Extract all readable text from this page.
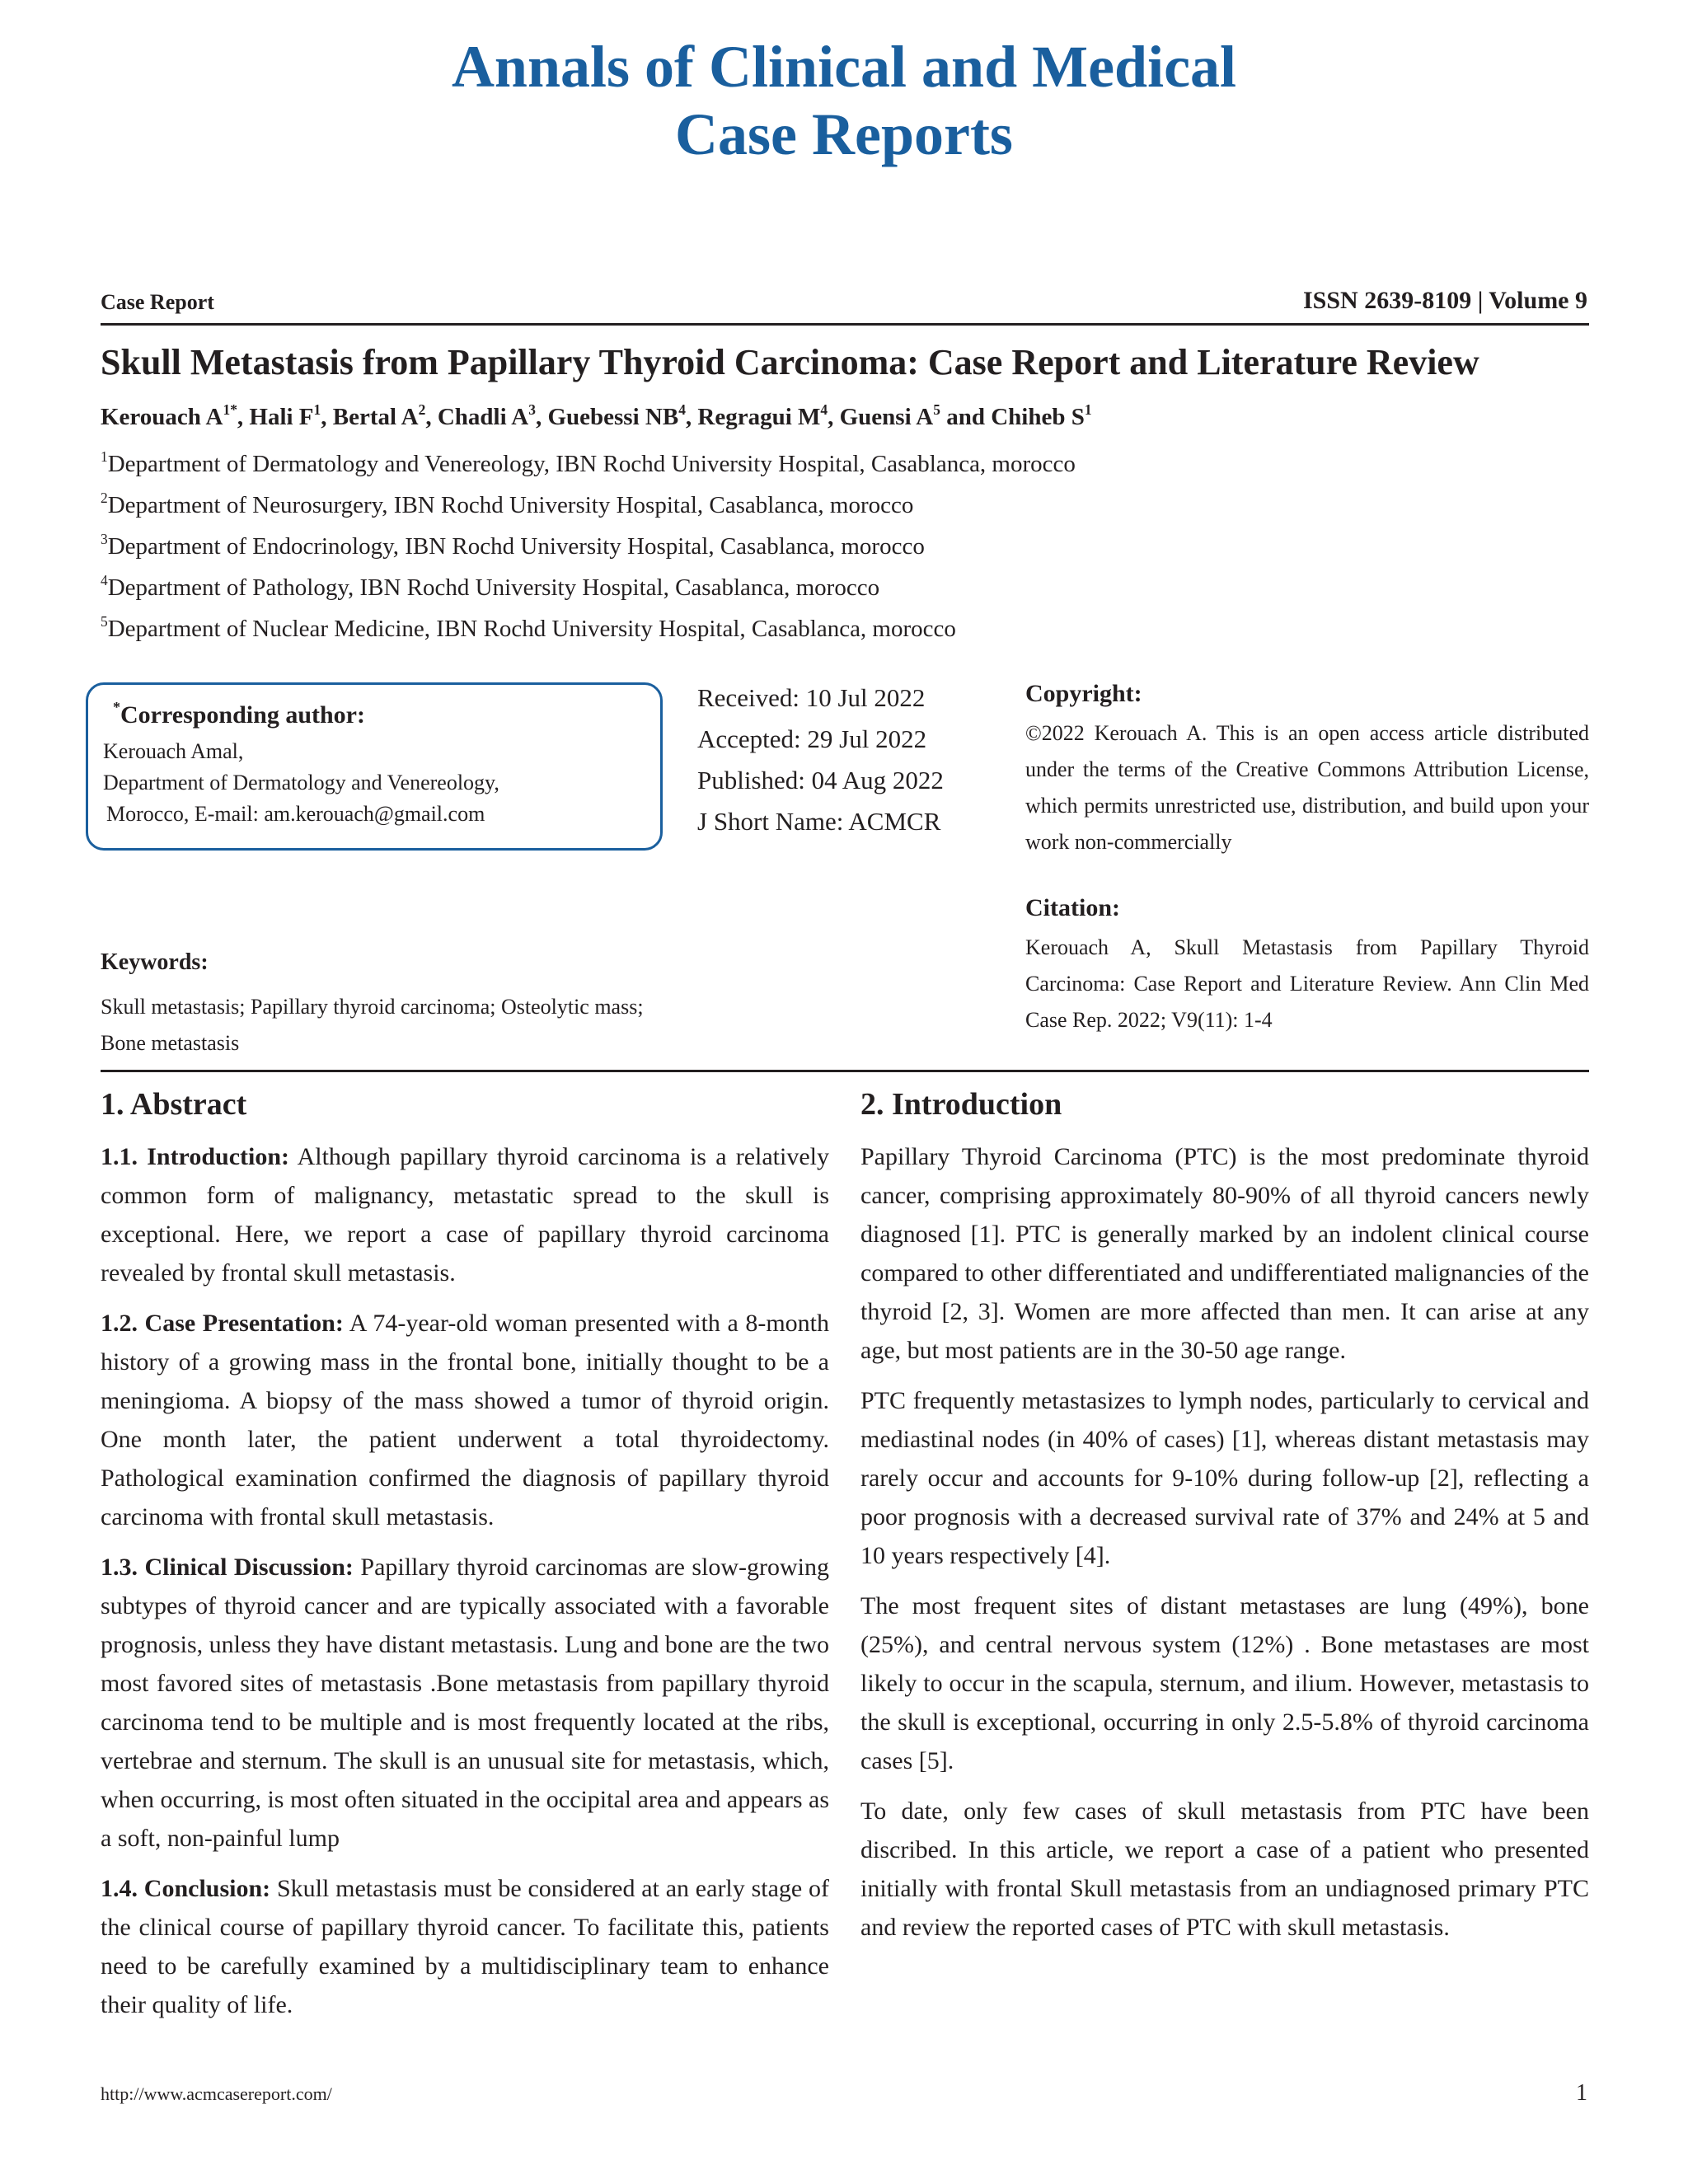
Annals of Clinical and Medical
Case Reports
Case Report	ISSN 2639-8109 | Volume 9
Skull Metastasis from Papillary Thyroid Carcinoma: Case Report and Literature Review
Kerouach $A^{1*}$, Hali $F^1$, Bertal $A^2$, Chadli $A^3$, Guebessi $NB^4$, Regragui $M^4$, Guensi $A^5$ and Chiheb $S^1$
$^1$Department of Dermatology and Venereology, IBN Rochd University Hospital, Casablanca, morocco
$^2$Department of Neurosurgery, IBN Rochd University Hospital, Casablanca, morocco
$^3$Department of Endocrinology, IBN Rochd University Hospital, Casablanca, morocco
$^4$Department of Pathology, IBN Rochd University Hospital, Casablanca, morocco
$^5$Department of Nuclear Medicine, IBN Rochd University Hospital, Casablanca, morocco
*Corresponding author:
Kerouach Amal,
Department of Dermatology and Venereology,
Morocco, E-mail: am.kerouach@gmail.com
Received: 10 Jul 2022
Accepted: 29 Jul 2022
Published: 04 Aug 2022
J Short Name: ACMCR
Copyright:
©2022 Kerouach A. This is an open access article distributed under the terms of the Creative Commons Attribution License, which permits unrestricted use, distribution, and build upon your work non-commercially
Citation:
Kerouach A, Skull Metastasis from Papillary Thyroid Carcinoma: Case Report and Literature Review. Ann Clin Med Case Rep. 2022; V9(11): 1-4
Keywords:
Skull metastasis; Papillary thyroid carcinoma; Osteolytic mass; Bone metastasis
1. Abstract

1.1. Introduction: Although papillary thyroid carcinoma is a relatively common form of malignancy, metastatic spread to the skull is exceptional. Here, we report a case of papillary thyroid carcinoma revealed by frontal skull metastasis.

1.2. Case Presentation: A 74-year-old woman presented with a 8-month history of a growing mass in the frontal bone, initially thought to be a meningioma. A biopsy of the mass showed a tumor of thyroid origin. One month later, the patient underwent a total thyroidectomy. Pathological examination confirmed the diagnosis of papillary thyroid carcinoma with frontal skull metastasis.

1.3. Clinical Discussion: Papillary thyroid carcinomas are slow-growing subtypes of thyroid cancer and are typically associated with a favorable prognosis, unless they have distant metastasis. Lung and bone are the two most favored sites of metastasis .Bone metastasis from papillary thyroid carcinoma tend to be multiple and is most frequently located at the ribs, vertebrae and sternum. The skull is an unusual site for metastasis, which, when occurring, is most often situated in the occipital area and appears as a soft, non-painful lump

1.4. Conclusion: Skull metastasis must be considered at an early stage of the clinical course of papillary thyroid cancer. To facilitate this, patients need to be carefully examined by a multidisciplinary team to enhance their quality of life.

2. Introduction

Papillary Thyroid Carcinoma (PTC) is the most predominate thyroid cancer, comprising approximately 80-90% of all thyroid cancers newly diagnosed [1]. PTC is generally marked by an indolent clinical course compared to other differentiated and undifferentiated malignancies of the thyroid [2, 3]. Women are more affected than men. It can arise at any age, but most patients are in the 30-50 age range.

PTC frequently metastasizes to lymph nodes, particularly to cervical and mediastinal nodes (in 40% of cases) [1], whereas distant metastasis may rarely occur and accounts for 9-10% during follow-up [2], reflecting a poor prognosis with a decreased survival rate of 37% and 24% at 5 and 10 years respectively [4].

The most frequent sites of distant metastases are lung (49%), bone (25%), and central nervous system (12%) . Bone metastases are most likely to occur in the scapula, sternum, and ilium. However, metastasis to the skull is exceptional, occurring in only 2.5-5.8% of thyroid carcinoma cases [5].

To date, only few cases of skull metastasis from PTC have been discribed. In this article, we report a case of a patient who presented initially with frontal Skull metastasis from an undiagnosed primary PTC and review the reported cases of PTC with skull metastasis.

http://www.acmcasereport.com/	1
